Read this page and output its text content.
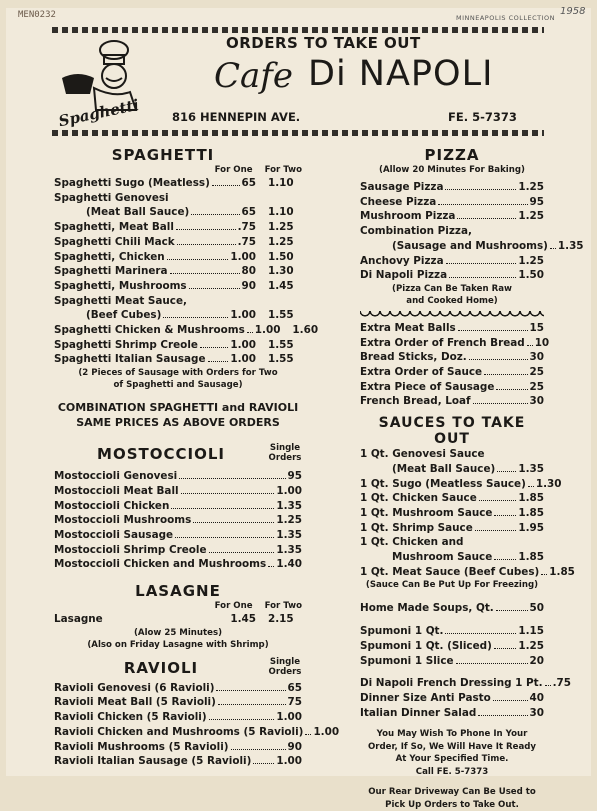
MEN0232	MINNEAPOLIS COLLECTION
1958
ORDERS TO TAKE OUT
Spaghetti
Cafe Di NAPOLI
816 HENNEPIN AVE.	FE. 5-7373
SPAGHETTI
For One For Two
Spaghetti Sugo (Meatless)	65 1.10
Spaghetti Genovesi
(Meat Ball Sauce)	65 1.10
Spaghetti, Meat Ball	.75 1.25
Spaghetti Chili Mack	.75 1.25
Spaghetti, Chicken	1.00 1.50
Spaghetti Marinera	80 1.30
Spaghetti, Mushrooms	90 1.45
Spaghetti Meat Sauce,
(Beef Cubes)	1.00 1.55
Spaghetti Chicken & Mushrooms 1.00 1.60
Spaghetti Shrimp Creole	1.00 1.55
Spaghetti Italian Sausage 1.00 1.55
(2 Pieces of Sausage with Orders for Two of Spaghetti and Sausage)
COMBINATION SPAGHETTI and RAVIOLI
SAME PRICES AS ABOVE ORDERS
MOSTOCCIOLI	Single Orders
Mostoccioli Genovesi	95
Mostoccioli Meat Ball	1.00
Mostoccioli Chicken	1.35
Mostoccioli Mushrooms	1.25
Mostoccioli Sausage	1.35
Mostoccioli Shrimp Creole	1.35
Mostoccioli Chicken and Mushrooms 1.40
LASAGNE
For One For Two
Lasagne	1.45 2.15
(Alow 25 Minutes)
(Also on Friday Lasagne with Shrimp)
RAVIOLI	Single Orders
Ravioli Genovesi (6 Ravioli)	65
Ravioli Meat Ball (5 Ravioli)	75
Ravioli Chicken (5 Ravioli)	1.00
Ravioli Chicken and Mushrooms (5 Ravioli) 1.00
Ravioli Mushrooms (5 Ravioli)	90
Ravioli Italian Sausage (5 Ravioli) 1.00
PIZZA
(Allow 20 Minutes For Baking)
Sausage Pizza	1.25
Cheese Pizza	95
Mushroom Pizza	1.25
Combination Pizza,
(Sausage and Mushrooms) 1.35
Anchovy Pizza	1.25
Di Napoli Pizza	1.50
(Pizza Can Be Taken Raw and Cooked Home)
Extra Meat Balls	15
Extra Order of French Bread 10
Bread Sticks, Doz.	30
Extra Order of Sauce	25
Extra Piece of Sausage	25
French Bread, Loaf	30
SAUCES TO TAKE OUT
1 Qt. Genovesi Sauce
(Meat Ball Sauce) 1.35
1 Qt. Sugo (Meatless Sauce) 1.30
1 Qt. Chicken Sauce	1.85
1 Qt. Mushroom Sauce 1.85
1 Qt. Shrimp Sauce	1.95
1 Qt. Chicken and
Mushroom Sauce	1.85
1 Qt. Meat Sauce (Beef Cubes) 1.85
(Sauce Can Be Put Up For Freezing)
Home Made Soups, Qt.	50
Spumoni 1 Qt.	1.15
Spumoni 1 Qt. (Sliced)	1.25
Spumoni 1 Slice	20
Di Napoli French Dressing 1 Pt. .75
Dinner Size Anti Pasto	40
Italian Dinner Salad	30
You May Wish To Phone In Your
Order, If So, We Will Have It Ready
At Your Specified Time.
Call FE. 5-7373
Our Rear Driveway Can Be Used to
Pick Up Orders to Take Out.
